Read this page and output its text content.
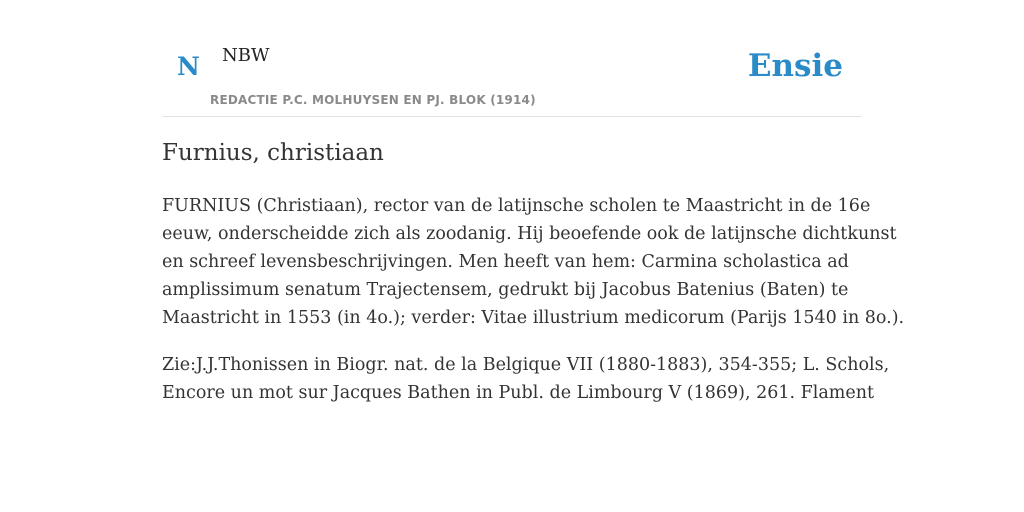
N NBW
REDACTIE P.C. MOLHUYSEN EN PJ. BLOK (1914)
Ensie
Furnius, christiaan

FURNIUS (Christiaan), rector van de latijnsche scholen te Maastricht in de 16e
eeuw, onderscheidde zich als zoodanig. Hij beoefende ook de latijnsche dichtkunst
en schreef levensbeschrijvingen. Men heeft van hem: Carmina scholastica ad
amplissimum senatum Trajectensem, gedrukt bij Jacobus Batenius (Baten) te
Maastricht in 1553 (in 4o.); verder: Vitae illustrium medicorum (Parijs 1540 in 8o.).

Zie:J.J.Thonissen in Biogr. nat. de la Belgique VII (1880-1883), 354-355; L. Schols,
Encore un mot sur Jacques Bathen in Publ. de Limbourg V (1869), 261. Flament
